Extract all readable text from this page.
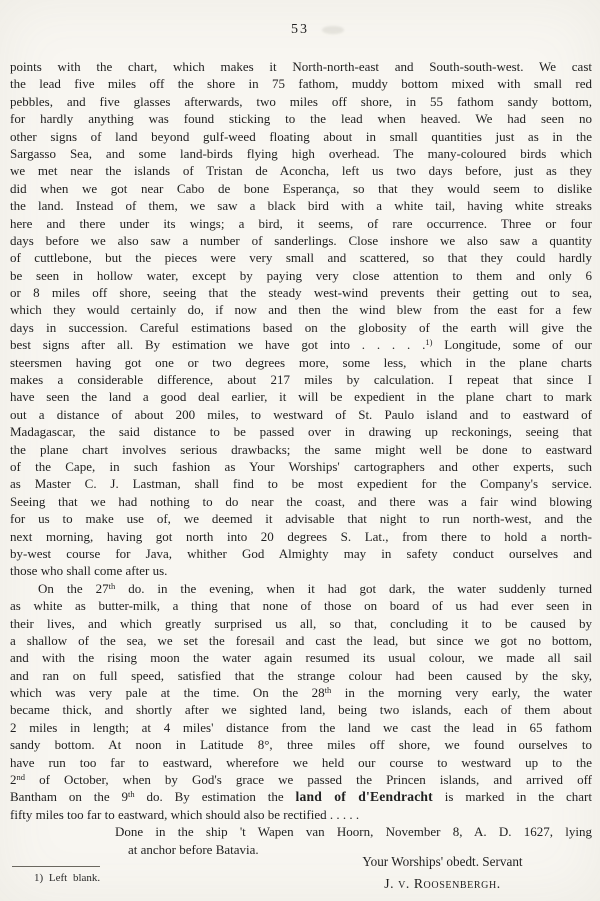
53
points with the chart, which makes it North-north-east and South-south-west. We cast
the lead five miles off the shore in 75 fathom, muddy bottom mixed with small red
pebbles, and five glasses afterwards, two miles off shore, in 55 fathom sandy bottom,
for hardly anything was found sticking to the lead when heaved. We had seen no
other signs of land beyond gulf-weed floating about in small quantities just as in the
Sargasso Sea, and some land-birds flying high overhead. The many-coloured birds which
we met near the islands of Tristan de Aconcha, left us two days before, just as they
did when we got near Cabo de bone Esperança, so that they would seem to dislike
the land. Instead of them, we saw a black bird with a white tail, having white streaks
here and there under its wings; a bird, it seems, of rare occurrence. Three or four
days before we also saw a number of sanderlings. Close inshore we also saw a quantity
of cuttlebone, but the pieces were very small and scattered, so that they could hardly
be seen in hollow water, except by paying very close attention to them and only 6
or 8 miles off shore, seeing that the steady west-wind prevents their getting out to sea,
which they would certainly do, if now and then the wind blew from the east for a few
days in succession. Careful estimations based on the globosity of the earth will give the
best signs after all. By estimation we have got into . . . . .$^{1)}$ Longitude, some of our
steersmen having got one or two degrees more, some less, which in the plane charts
makes a considerable difference, about 217 miles by calculation. I repeat that since I
have seen the land a good deal earlier, it will be expedient in the plane chart to mark
out a distance of about 200 miles, to westward of St. Paulo island and to eastward of
Madagascar, the said distance to be passed over in drawing up reckonings, seeing that
the plane chart involves serious drawbacks; the same might well be done to eastward
of the Cape, in such fashion as Your Worships' cartographers and other experts, such
as Master C. J. Lastman, shall find to be most expedient for the Company's service.
Seeing that we had nothing to do near the coast, and there was a fair wind blowing
for us to make use of, we deemed it advisable that night to run north-west, and the
next morning, having got north into 20 degrees S. Lat., from there to hold a north-
by-west course for Java, whither God Almighty may in safety conduct ourselves and
those who shall come after us.
On the 27th do. in the evening, when it had got dark, the water suddenly turned
as white as butter-milk, a thing that none of those on board of us had ever seen in
their lives, and which greatly surprised us all, so that, concluding it to be caused by
a shallow of the sea, we set the foresail and cast the lead, but since we got no bottom,
and with the rising moon the water again resumed its usual colour, we made all sail
and ran on full speed, satisfied that the strange colour had been caused by the sky,
which was very pale at the time. On the 28th in the morning very early, the water
became thick, and shortly after we sighted land, being two islands, each of them about
2 miles in length; at 4 miles' distance from the land we cast the lead in 65 fathom
sandy bottom. At noon in Latitude 8°, three miles off shore, we found ourselves to
have run too far to eastward, wherefore we held our course to westward up to the
2nd of October, when by God's grace we passed the Princen islands, and arrived off
Bantham on the 9th do. By estimation the land of d'Eendracht is marked in the chart
fifty miles too far to eastward, which should also be rectified . . . . .
Done in the ship 't Wapen van Hoorn, November 8, A. D. 1627, lying
at anchor before Batavia.
Your Worships' obedt. Servant
J. v. Roosenbergh.
1) Left blank.
